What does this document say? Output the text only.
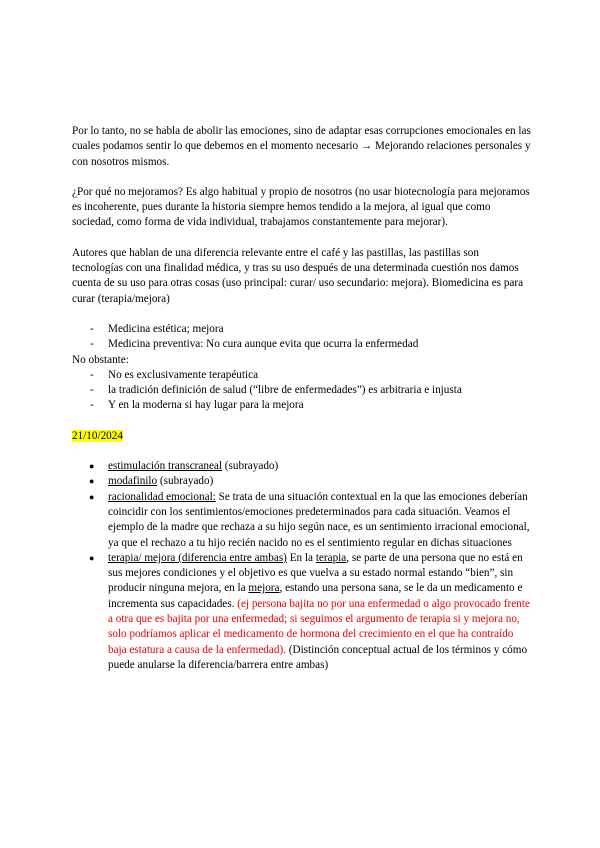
Por lo tanto, no se habla de abolir las emociones, sino de adaptar esas corrupciones emocionales en las cuales podamos sentir lo que debemos en el momento necesario → Mejorando relaciones personales y con nosotros mismos.

¿Por qué no mejoramos? Es algo habitual y propio de nosotros (no usar biotecnología para mejoramos es incoherente, pues durante la historia siempre hemos tendido a la mejora, al igual que como sociedad, como forma de vida individual, trabajamos constantemente para mejorar).

Autores que hablan de una diferencia relevante entre el café y las pastillas, las pastillas son tecnologías con una finalidad médica, y tras su uso después de una determinada cuestión nos damos cuenta de su uso para otras cosas (uso principal: curar/ uso secundario: mejora). Biomedicina es para curar (terapia/mejora)

- Medicina estética; mejora
- Medicina preventiva: No cura aunque evita que ocurra la enfermedad

No obstante:

- No es exclusivamente terapéutica
- la tradición definición de salud (“libre de enfermedades”) es arbitraria e injusta
- Y en la moderna si hay lugar para la mejora

21/10/2024

● estimulación transcraneal (subrayado)
● modafinilo (subrayado)
● racionalidad emocional: Se trata de una situación contextual en la que las emociones deberían coincidir con los sentimientos/emociones predeterminados para cada situación. Veamos el ejemplo de la madre que rechaza a su hijo según nace, es un sentimiento irracional emocional, ya que el rechazo a tu hijo recién nacido no es el sentimiento regular en dichas situaciones
● terapia/ mejora (diferencia entre ambas) En la terapia, se parte de una persona que no está en sus mejores condiciones y el objetivo es que vuelva a su estado normal estando “bien”, sin producir ninguna mejora, en la mejora, estando una persona sana, se le da un medicamento e incrementa sus capacidades. (ej persona bajita no por una enfermedad o algo provocado frente a otra que es bajita por una enfermedad; si seguimos el argumento de terapia si y mejora no, solo podríamos aplicar el medicamento de hormona del crecimiento en el que ha contraído baja estatura a causa de la enfermedad). (Distinción conceptual actual de los términos y cómo puede anularse la diferencia/barrera entre ambas)
